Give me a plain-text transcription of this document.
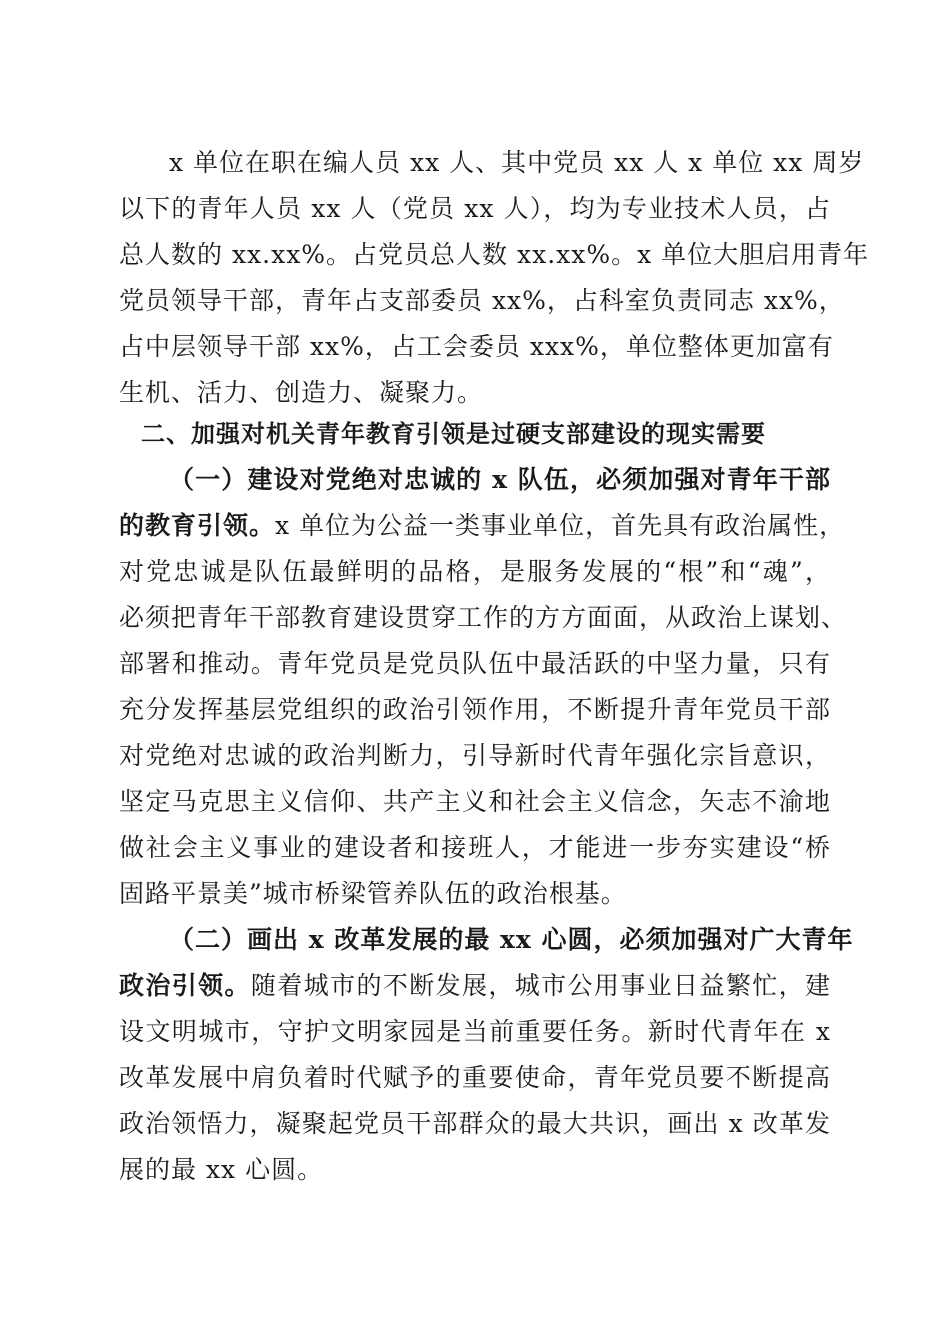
x 单位在职在编人员 xx 人、其中党员 xx 人 x 单位 xx 周岁
以下的青年人员 xx 人（党员 xx 人），均为专业技术人员，占
总人数的 xx.xx%。占党员总人数 xx.xx%。x 单位大胆启用青年
党员领导干部，青年占支部委员 xx%，占科室负责同志 xx%，
占中层领导干部 xx%，占工会委员 xxx%，单位整体更加富有
生机、活力、创造力、凝聚力。
二、加强对机关青年教育引领是过硬支部建设的现实需要
（一）建设对党绝对忠诚的 x 队伍，必须加强对青年干部
的教育引领。x 单位为公益一类事业单位，首先具有政治属性，
对党忠诚是队伍最鲜明的品格，是服务发展的“根”和“魂”，
必须把青年干部教育建设贯穿工作的方方面面，从政治上谋划、
部署和推动。青年党员是党员队伍中最活跃的中坚力量，只有
充分发挥基层党组织的政治引领作用，不断提升青年党员干部
对党绝对忠诚的政治判断力，引导新时代青年强化宗旨意识，
坚定马克思主义信仰、共产主义和社会主义信念，矢志不渝地
做社会主义事业的建设者和接班人，才能进一步夯实建设“桥
固路平景美”城市桥梁管养队伍的政治根基。
（二）画出 x 改革发展的最 xx 心圆，必须加强对广大青年
政治引领。随着城市的不断发展，城市公用事业日益繁忙，建
设文明城市，守护文明家园是当前重要任务。新时代青年在 x
改革发展中肩负着时代赋予的重要使命，青年党员要不断提高
政治领悟力，凝聚起党员干部群众的最大共识，画出 x 改革发
展的最 xx 心圆。
